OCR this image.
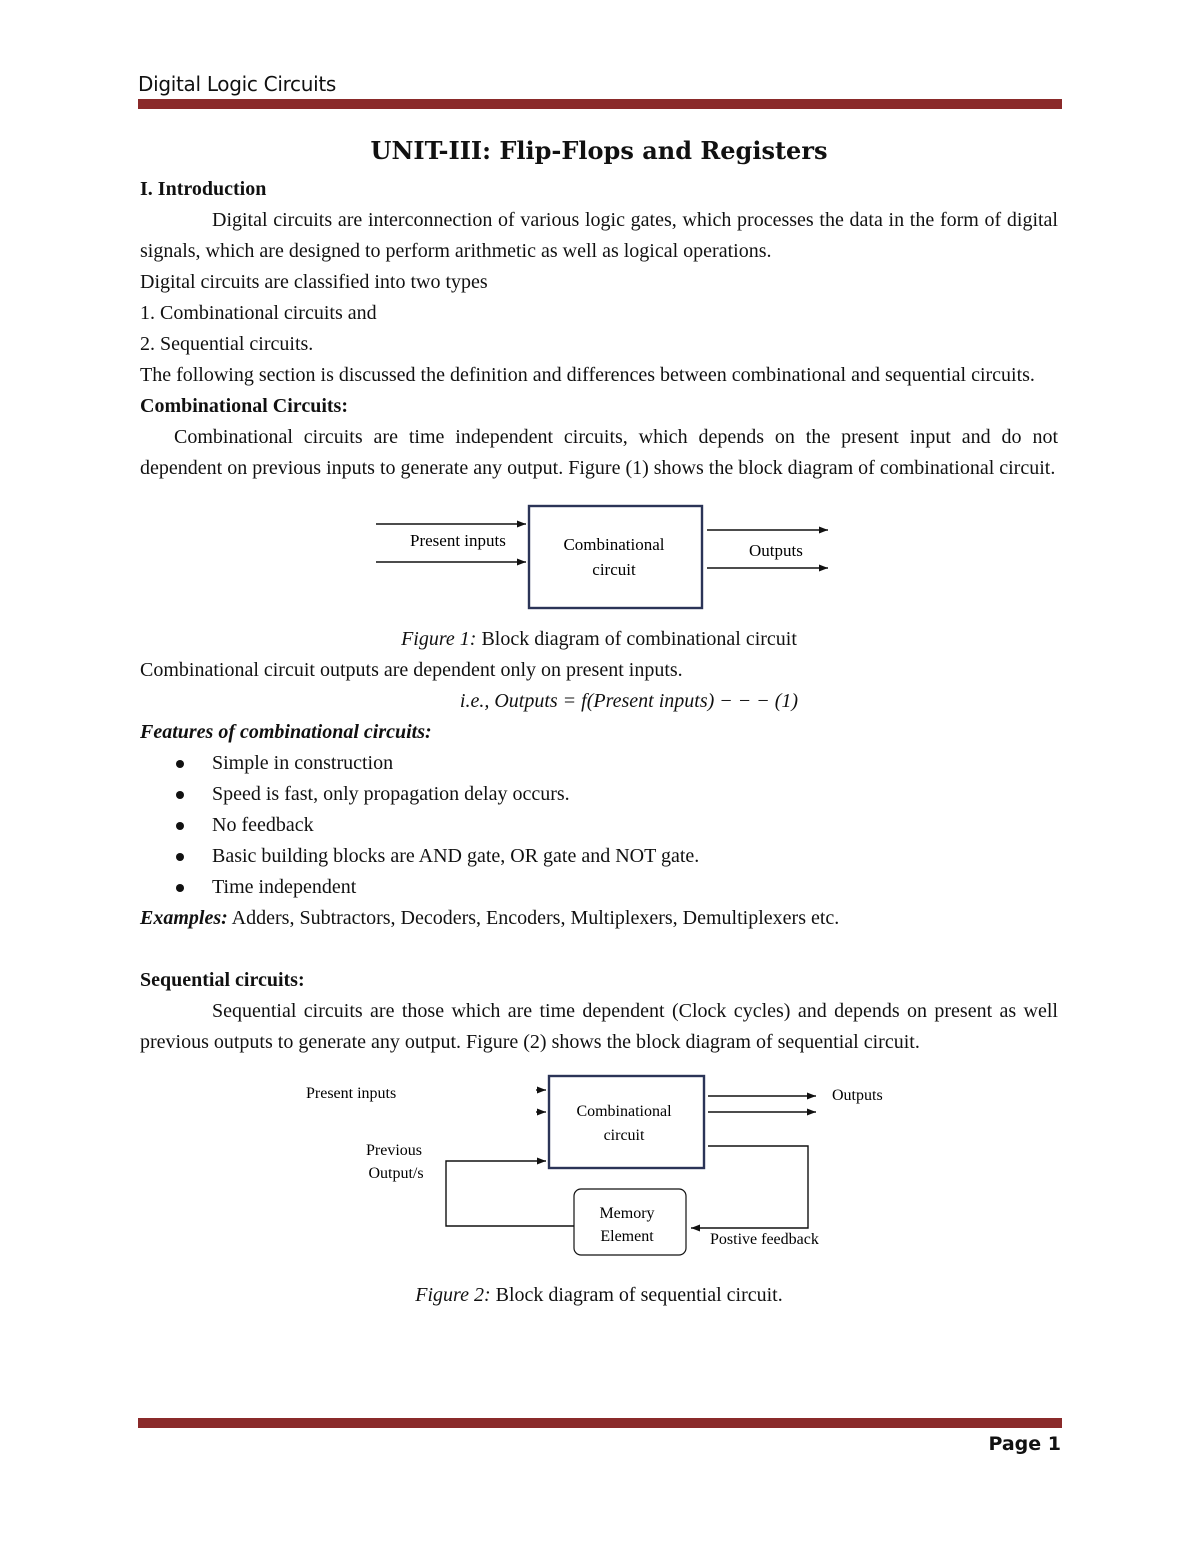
Digital Logic Circuits
UNIT-III: Flip-Flops and Registers

I. Introduction

Digital circuits are interconnection of various logic gates, which processes the data in the form of digital signals, which are designed to perform arithmetic as well as logical operations.

Digital circuits are classified into two types

1. Combinational circuits and

2. Sequential circuits.

The following section is discussed the definition and differences between combinational and sequential circuits.

Combinational Circuits:

Combinational circuits are time independent circuits, which depends on the present input and do not dependent on previous inputs to generate any output. Figure (1) shows the block diagram of combinational circuit.

Present inputs	Combinational
circuit
Outputs

Figure 1: Block diagram of combinational circuit

Combinational circuit outputs are dependent only on present inputs.

i.e., Outputs = f(Present inputs) − − − (1)

Features of combinational circuits:

Simple in construction
Speed is fast, only propagation delay occurs.
No feedback
Basic building blocks are AND gate, OR gate and NOT gate.
Time independent

Examples: Adders, Subtractors, Decoders, Encoders, Multiplexers, Demultiplexers etc.

Sequential circuits:

Sequential circuits are those which are time dependent (Clock cycles) and depends on present as well previous outputs to generate any output. Figure (2) shows the block diagram of sequential circuit.

Present inputs
Combinational
circuit
Outputs
Memory
Element	Postive feedback
Previous
Output/s

Figure 2: Block diagram of sequential circuit.

Page 1
